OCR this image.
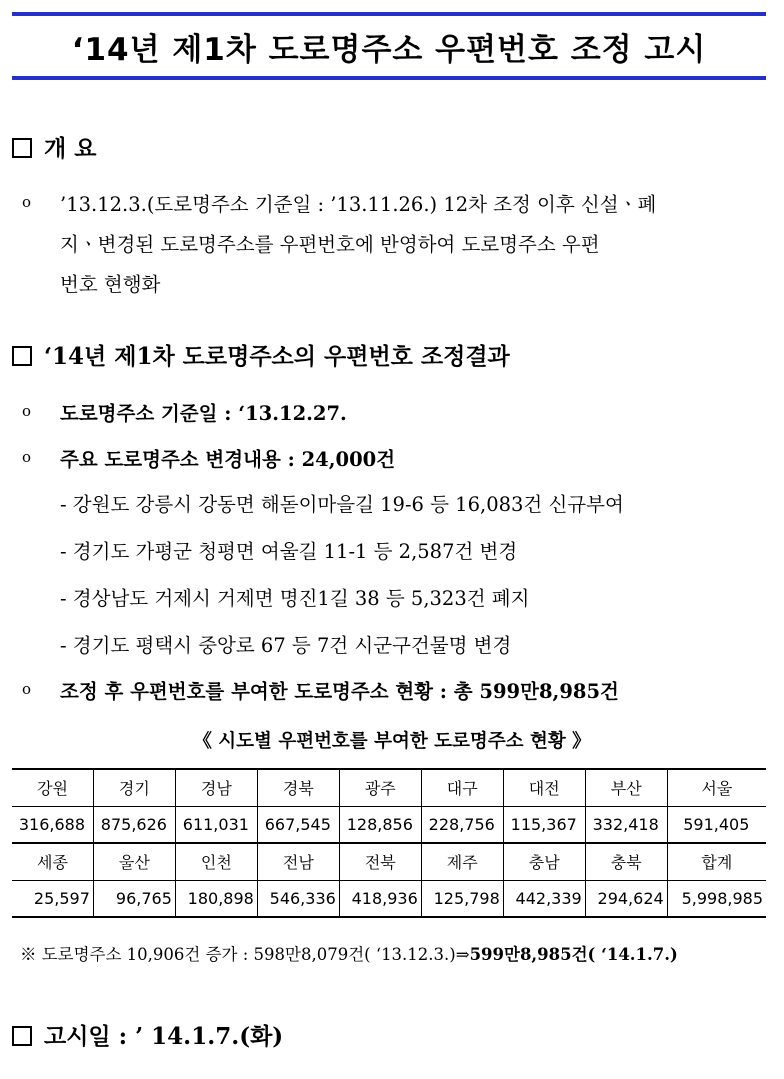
‘14년 제1차 도로명주소 우편번호 조정 고시
개 요
o
’13.12.3.(도로명주소 기준일 : ’13.11.26.) 12차 조정 이후 신설ㆍ폐
지ㆍ변경된 도로명주소를 우편번호에 반영하여 도로명주소 우편
번호 현행화
‘14년 제1차 도로명주소의 우편번호 조정결과
o
도로명주소 기준일 : ‘13.12.27.
o
주요 도로명주소 변경내용 : 24,000건
- 강원도 강릉시 강동면 해돋이마을길 19-6 등 16,083건 신규부여
- 경기도 가평군 청평면 여울길 11-1 등 2,587건 변경
- 경상남도 거제시 거제면 명진1길 38 등 5,323건 폐지
- 경기도 평택시 중앙로 67 등 7건 시군구건물명 변경
o
조정 후 우편번호를 부여한 도로명주소 현황 : 총 599만8,985건
《 시도별 우편번호를 부여한 도로명주소 현황 》
강원	경기	경남	경북	광주	대구	대전	부산	서울
316,688	875,626	611,031	667,545	128,856	228,756	115,367	332,418	591,405
세종	울산	인천	전남	전북	제주	충남	충북	합계
25,597	96,765	180,898	546,336	418,936	125,798	442,339	294,624	5,998,985
※ 도로명주소 10,906건 증가 : 598만8,079건( ‘13.12.3.)⇒599만8,985건( ‘14.1.7.)
고시일 : ’ 14.1.7.(화)
